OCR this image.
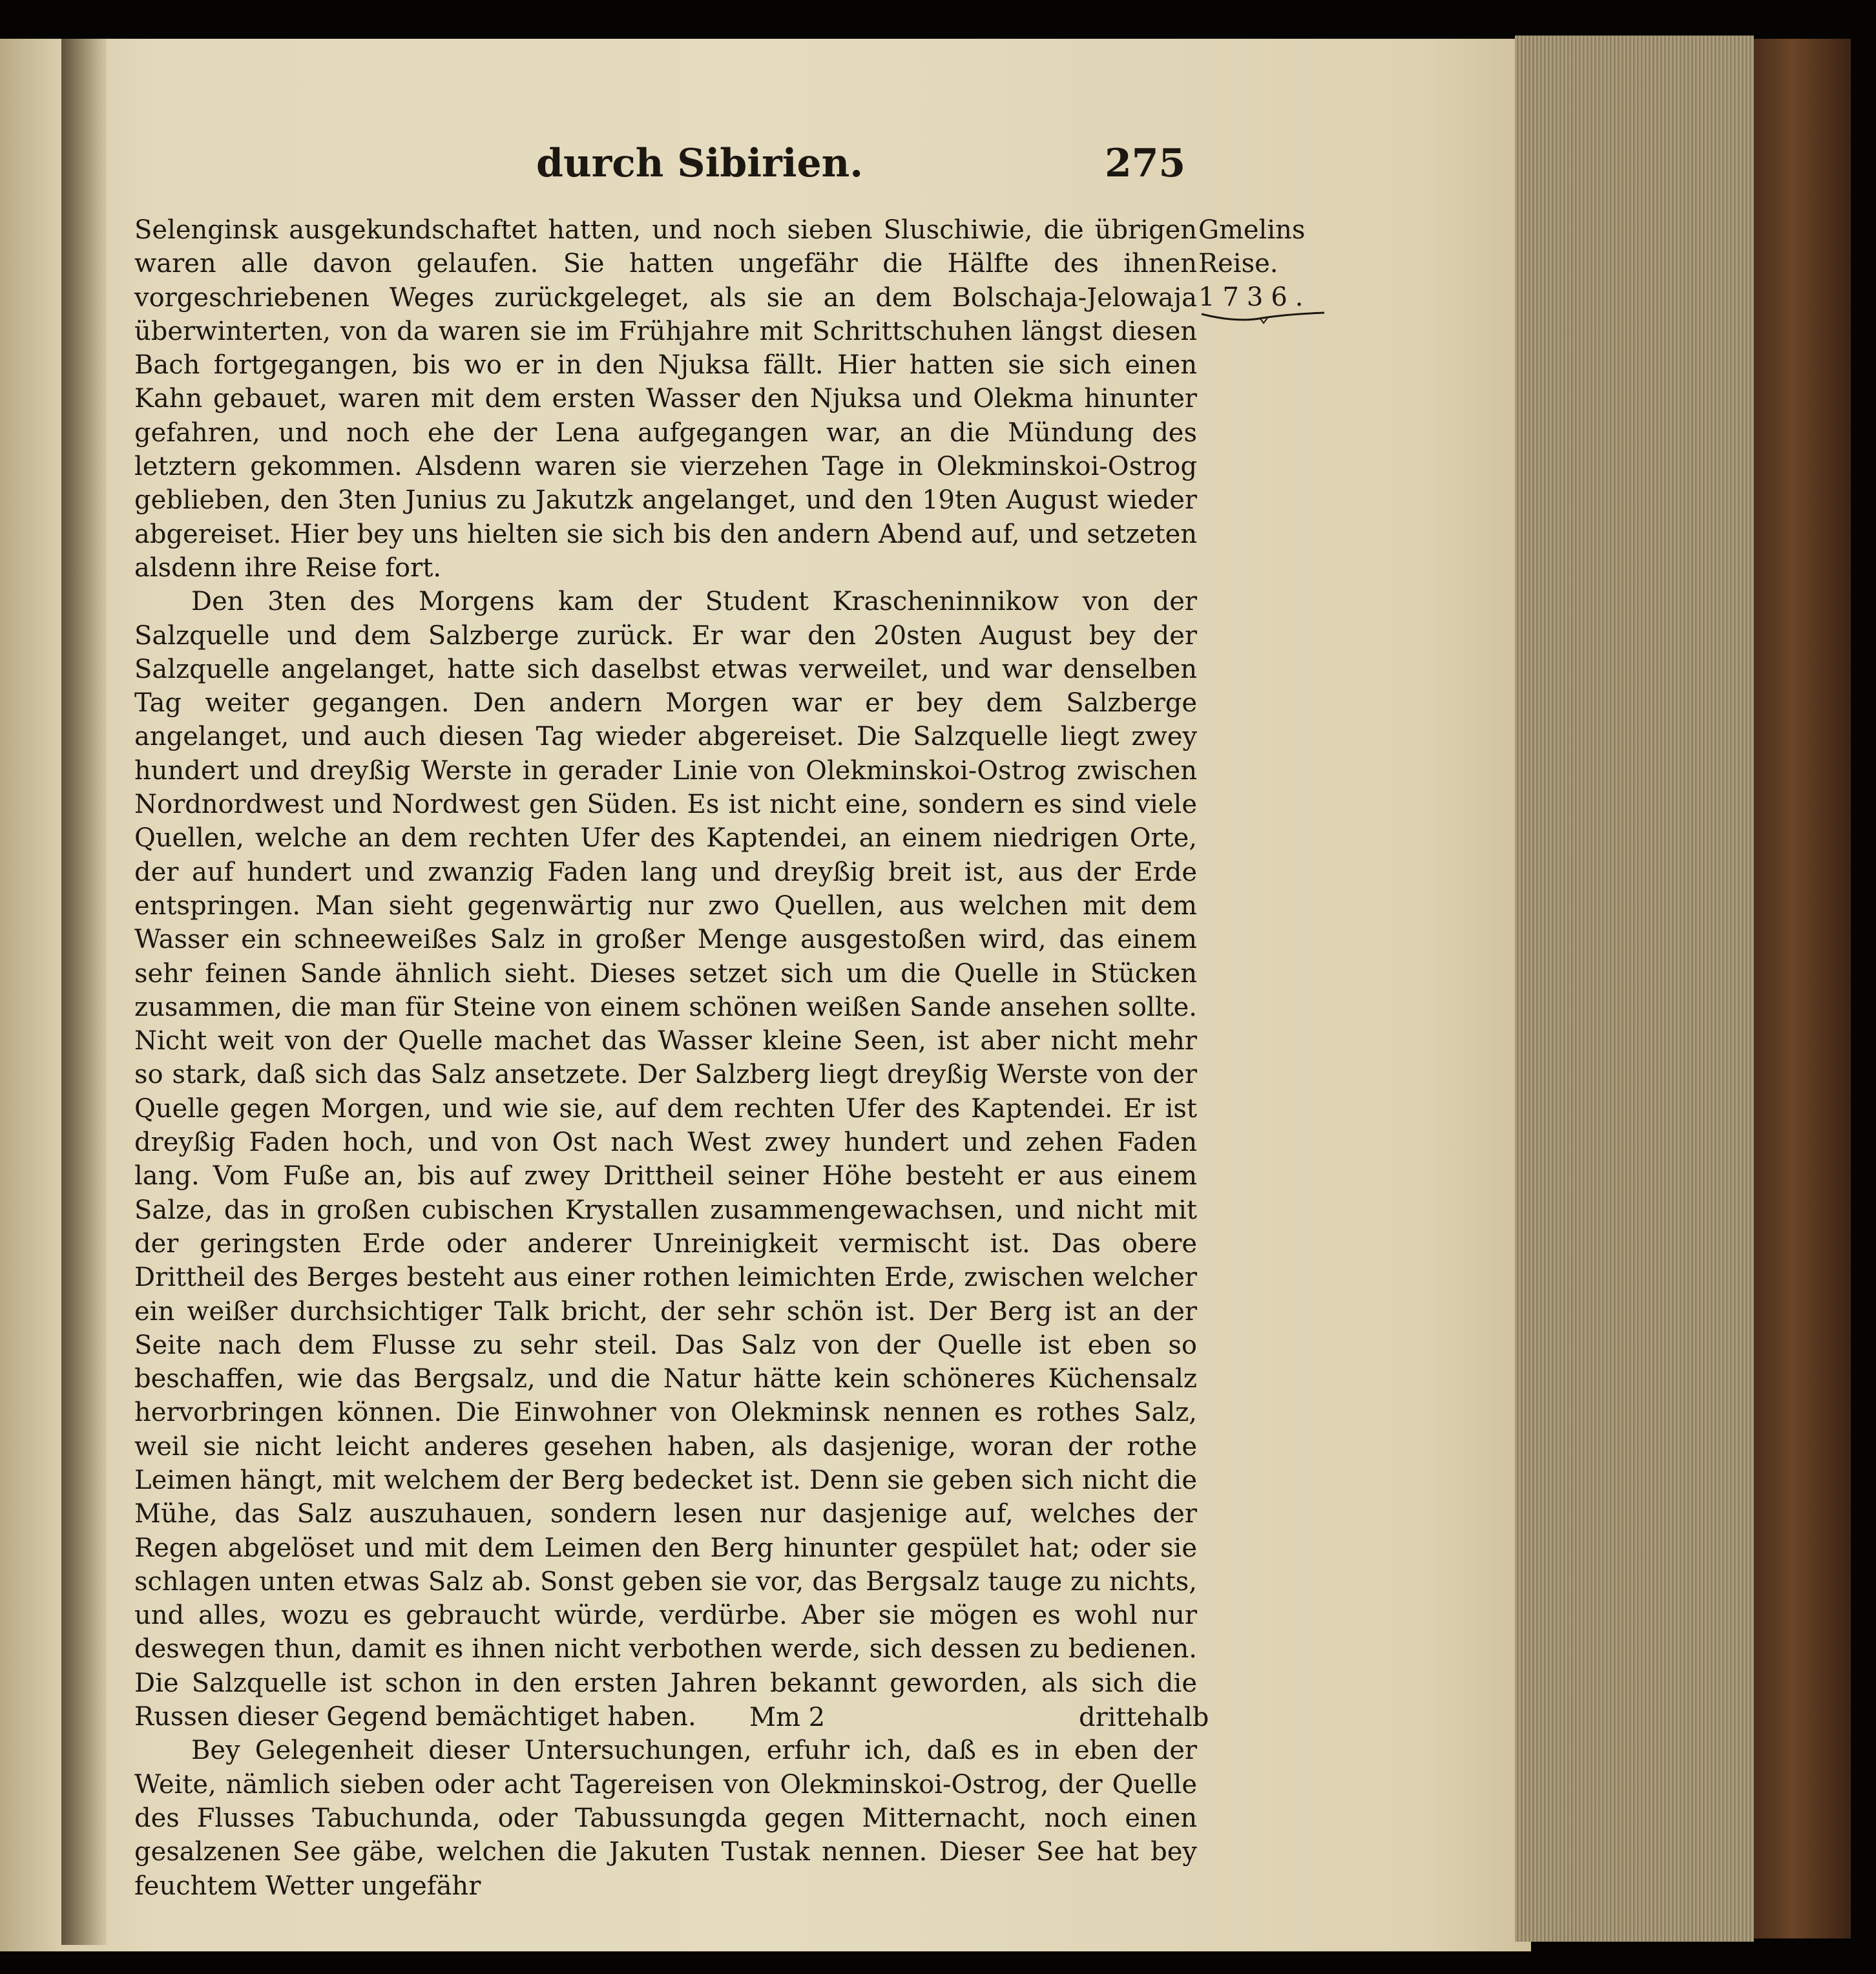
durch Sibirien.	275
Gmelins
Reise.
1736.

Selenginsk ausgekundschaftet hatten, und noch sieben Sluschiwie, die übrigen waren alle davon gelaufen. Sie hatten ungefähr die Hälfte des ihnen vorgeschriebenen Weges zurückgeleget, als sie an dem Bolschaja-Jelowaja überwinterten, von da waren sie im Frühjahre mit Schrittschuhen längst diesen Bach fortgegangen, bis wo er in den Njuksa fällt. Hier hatten sie sich einen Kahn gebauet, waren mit dem ersten Wasser den Njuksa und Olekma hinunter gefahren, und noch ehe der Lena aufgegangen war, an die Mündung des letztern gekommen. Alsdenn waren sie vierzehen Tage in Olekminskoi-Ostrog geblieben, den 3ten Junius zu Jakutzk angelanget, und den 19ten August wieder abgereiset. Hier bey uns hielten sie sich bis den andern Abend auf, und setzeten alsdenn ihre Reise fort.

Den 3ten des Morgens kam der Student Krascheninnikow von der Salzquelle und dem Salzberge zurück. Er war den 20sten August bey der Salzquelle angelanget, hatte sich daselbst etwas verweilet, und war denselben Tag weiter gegangen. Den andern Morgen war er bey dem Salzberge angelanget, und auch diesen Tag wieder abgereiset. Die Salzquelle liegt zwey hundert und dreyßig Werste in gerader Linie von Olekminskoi-Ostrog zwischen Nordnordwest und Nordwest gen Süden. Es ist nicht eine, sondern es sind viele Quellen, welche an dem rechten Ufer des Kaptendei, an einem niedrigen Orte, der auf hundert und zwanzig Faden lang und dreyßig breit ist, aus der Erde entspringen. Man sieht gegenwärtig nur zwo Quellen, aus welchen mit dem Wasser ein schneeweißes Salz in großer Menge ausgestoßen wird, das einem sehr feinen Sande ähnlich sieht. Dieses setzet sich um die Quelle in Stücken zusammen, die man für Steine von einem schönen weißen Sande ansehen sollte. Nicht weit von der Quelle machet das Wasser kleine Seen, ist aber nicht mehr so stark, daß sich das Salz ansetzete. Der Salzberg liegt dreyßig Werste von der Quelle gegen Morgen, und wie sie, auf dem rechten Ufer des Kaptendei. Er ist dreyßig Faden hoch, und von Ost nach West zwey hundert und zehen Faden lang. Vom Fuße an, bis auf zwey Drittheil seiner Höhe besteht er aus einem Salze, das in großen cubischen Krystallen zusammengewachsen, und nicht mit der geringsten Erde oder anderer Unreinigkeit vermischt ist. Das obere Drittheil des Berges besteht aus einer rothen leimichten Erde, zwischen welcher ein weißer durchsichtiger Talk bricht, der sehr schön ist. Der Berg ist an der Seite nach dem Flusse zu sehr steil. Das Salz von der Quelle ist eben so beschaffen, wie das Bergsalz, und die Natur hätte kein schöneres Küchensalz hervorbringen können. Die Einwohner von Olekminsk nennen es rothes Salz, weil sie nicht leicht anderes gesehen haben, als dasjenige, woran der rothe Leimen hängt, mit welchem der Berg bedecket ist. Denn sie geben sich nicht die Mühe, das Salz auszuhauen, sondern lesen nur dasjenige auf, welches der Regen abgelöset und mit dem Leimen den Berg hinunter gespület hat; oder sie schlagen unten etwas Salz ab. Sonst geben sie vor, das Bergsalz tauge zu nichts, und alles, wozu es gebraucht würde, verdürbe. Aber sie mögen es wohl nur deswegen thun, damit es ihnen nicht verbothen werde, sich dessen zu bedienen. Die Salzquelle ist schon in den ersten Jahren bekannt geworden, als sich die Russen dieser Gegend bemächtiget haben.

Bey Gelegenheit dieser Untersuchungen, erfuhr ich, daß es in eben der Weite, nämlich sieben oder acht Tagereisen von Olekminskoi-Ostrog, der Quelle des Flusses Tabuchunda, oder Tabussungda gegen Mitternacht, noch einen gesalzenen See gäbe, welchen die Jakuten Tustak nennen. Dieser See hat bey feuchtem Wetter ungefähr

Mm 2	drittehalb
